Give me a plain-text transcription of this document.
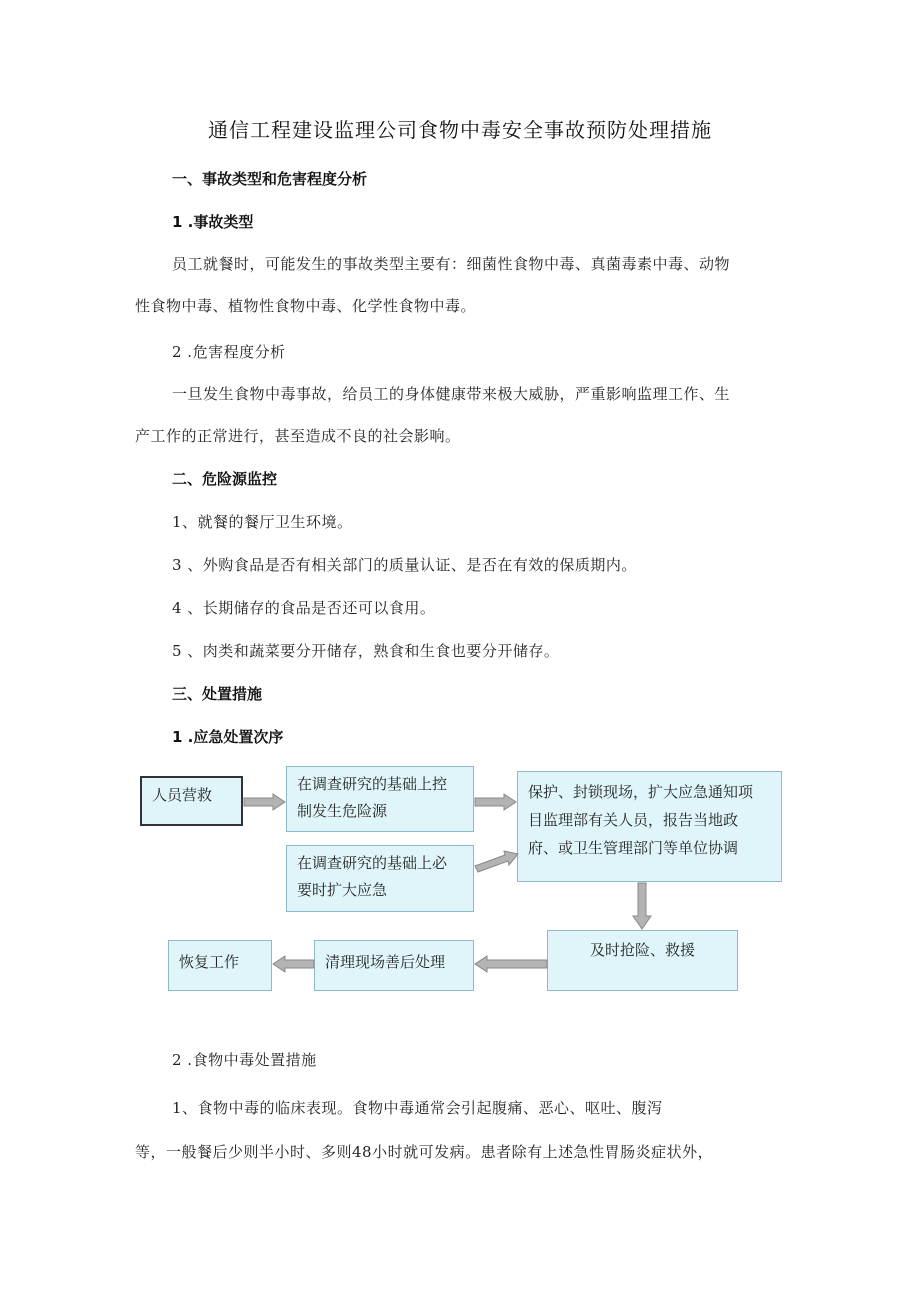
通信工程建设监理公司食物中毒安全事故预防处理措施
一、事故类型和危害程度分析
1 .事故类型
员工就餐时，可能发生的事故类型主要有：细菌性食物中毒、真菌毒素中毒、动物
性食物中毒、植物性食物中毒、化学性食物中毒。
2 .危害程度分析
一旦发生食物中毒事故，给员工的身体健康带来极大威胁，严重影响监理工作、生
产工作的正常进行，甚至造成不良的社会影响。
二、危险源监控
1、就餐的餐厅卫生环境。
3 、外购食品是否有相关部门的质量认证、是否在有效的保质期内。
4 、长期储存的食品是否还可以食用。
5 、肉类和蔬菜要分开储存，熟食和生食也要分开储存。
三、处置措施
1 .应急处置次序
人员营救
在调查研究的基础上控
制发生危险源
在调查研究的基础上必
要时扩大应急
保护、封锁现场，扩大应急通知项
目监理部有关人员，报告当地政
府、或卫生管理部门等单位协调
及时抢险、救援
清理现场善后处理
恢复工作
2 .食物中毒处置措施
1、食物中毒的临床表现。食物中毒通常会引起腹痛、恶心、呕吐、腹泻
等，一般餐后少则半小时、多则48小时就可发病。患者除有上述急性胃肠炎症状外，
